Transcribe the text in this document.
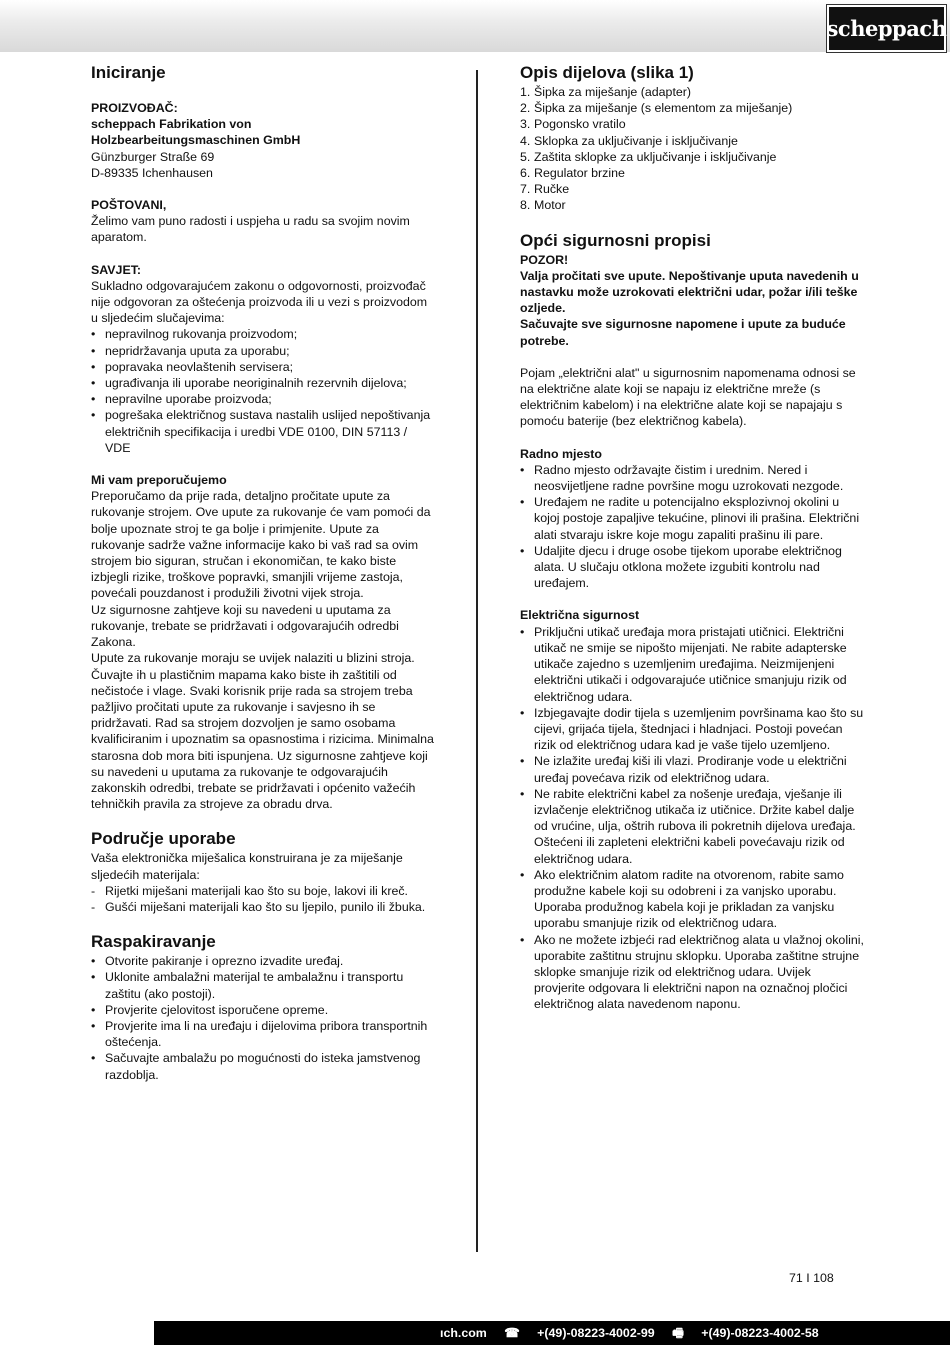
scheppach
Iniciranje

PROIZVOĐAČ:

scheppach Fabrikation von

Holzbearbeitungsmaschinen GmbH

Günzburger Straße 69

D-89335 Ichenhausen

POŠTOVANI,

Želimo vam puno radosti i uspjeha u radu sa svojim novim aparatom.

SAVJET:

Sukladno odgovarajućem zakonu o odgovornosti, proizvođač nije odgovoran za oštećenja proizvoda ili u vezi s proizvodom u sljedećim slučajevima:

• nepravilnog rukovanja proizvodom;
• nepridržavanja uputa za uporabu;
• popravaka neovlaštenih servisera;
• ugrađivanja ili uporabe neoriginalnih rezervnih dijelova;
• nepravilne uporabe proizvoda;
• pogrešaka električnog sustava nastalih uslijed nepoštivanja električnih specifikacija i uredbi VDE 0100, DIN 57113 / VDE

Mi vam preporučujemo

Preporučamo da prije rada, detaljno pročitate upute za rukovanje strojem. Ove upute za rukovanje će vam pomoći da bolje upoznate stroj te ga bolje i primjenite. Upute za rukovanje sadrže važne informacije kako bi vaš rad sa ovim strojem bio siguran, stručan i ekonomičan, te kako biste izbjegli rizike, troškove popravki, smanjili vrijeme zastoja, povećali pouzdanost i produžili životni vijek stroja.

Uz sigurnosne zahtjeve koji su navedeni u uputama za rukovanje, trebate se pridržavati i odgovarajućih odredbi Zakona.

Upute za rukovanje moraju se uvijek nalaziti u blizini stroja. Čuvajte ih u plastičnim mapama kako biste ih zaštitili od nečistoće i vlage. Svaki korisnik prije rada sa strojem treba pažljivo pročitati upute za rukovanje i savjesno ih se pridržavati. Rad sa strojem dozvoljen je samo osobama kvalificiranim i upoznatim sa opasnostima i rizicima. Minimalna starosna dob mora biti ispunjena. Uz sigurnosne zahtjeve koji su navedeni u uputama za rukovanje te odgovarajućih zakonskih odredbi, trebate se pridržavati i općenito važećih tehničkih pravila za strojeve za obradu drva.

Područje uporabe

Vaša elektronička miješalica konstruirana je za miješanje sljedećih materijala:

- Rijetki miješani materijali kao što su boje, lakovi ili kreč.
- Gušći miješani materijali kao što su ljepilo, punilo ili žbuka.
Raspakiravanje
• Otvorite pakiranje i oprezno izvadite uređaj.
• Uklonite ambalažni materijal te ambalažnu i transportu zaštitu (ako postoji).
• Provjerite cjelovitost isporučene opreme.
• Provjerite ima li na uređaju i dijelovima pribora transportnih oštećenja.
• Sačuvajte ambalažu po mogućnosti do isteka jamstvenog razdoblja.
Opis dijelova (slika 1)
1. Šipka za miješanje (adapter)
2. Šipka za miješanje (s elementom za miješanje)
3. Pogonsko vratilo
4. Sklopka za uključivanje i isključivanje
5. Zaštita sklopke za uključivanje i isključivanje
6. Regulator brzine
7. Ručke
8. Motor
Opći sigurnosni propisi

POZOR!

Valja pročitati sve upute. Nepoštivanje uputa navedenih u nastavku može uzrokovati električni udar, požar i/ili teške ozljede.

Sačuvajte sve sigurnosne napomene i upute za buduće potrebe.

Pojam „električni alat" u sigurnosnim napomenama odnosi se na električne alate koji se napaju iz električne mreže (s električnim kabelom) i na električne alate koji se napajaju s pomoću baterije (bez električnog kabela).

Radno mjesto

• Radno mjesto održavajte čistim i urednim. Nered i neosvijetljene radne površine mogu uzrokovati nezgode.
• Uređajem ne radite u potencijalno eksplozivnoj okolini u kojoj postoje zapaljive tekućine, plinovi ili prašina. Električni alati stvaraju iskre koje mogu zapaliti prašinu ili pare.
• Udaljite djecu i druge osobe tijekom uporabe električnog alata. U slučaju otklona možete izgubiti kontrolu nad uređajem.

Električna sigurnost

• Priključni utikač uređaja mora pristajati utičnici. Električni utikač ne smije se nipošto mijenjati. Ne rabite adapterske utikače zajedno s uzemljenim uređajima. Neizmijenjeni električni utikači i odgovarajuće utičnice smanjuju rizik od električnog udara.
• Izbjegavajte dodir tijela s uzemljenim površinama kao što su cijevi, grijaća tijela, štednjaci i hladnjaci. Postoji povećan rizik od električnog udara kad je vaše tijelo uzemljeno.
• Ne izlažite uređaj kiši ili vlazi. Prodiranje vode u električni uređaj povećava rizik od električnog udara.
• Ne rabite električni kabel za nošenje uređaja, vješanje ili izvlačenje električnog utikača iz utičnice. Držite kabel dalje od vrućine, ulja, oštrih rubova ili pokretnih dijelova uređaja. Oštećeni ili zapleteni električni kabeli povećavaju rizik od električnog udara.
• Ako električnim alatom radite na otvorenom, rabite samo produžne kabele koji su odobreni i za vanjsko uporabu. Uporaba produžnog kabela koji je prikladan za vanjsku uporabu smanjuje rizik od električnog udara.
• Ako ne možete izbjeći rad električnog alata u vlažnoj okolini, uporabite zaštitnu strujnu sklopku. Uporaba zaštitne strujne sklopke smanjuje rizik od električnog udara. Uvijek provjerite odgovara li električni napon na označnoj pločici električnog alata navedenom naponu.
71 I 108
ıch.com ☎ +(49)-08223-4002-99 🖷 +(49)-08223-4002-58
